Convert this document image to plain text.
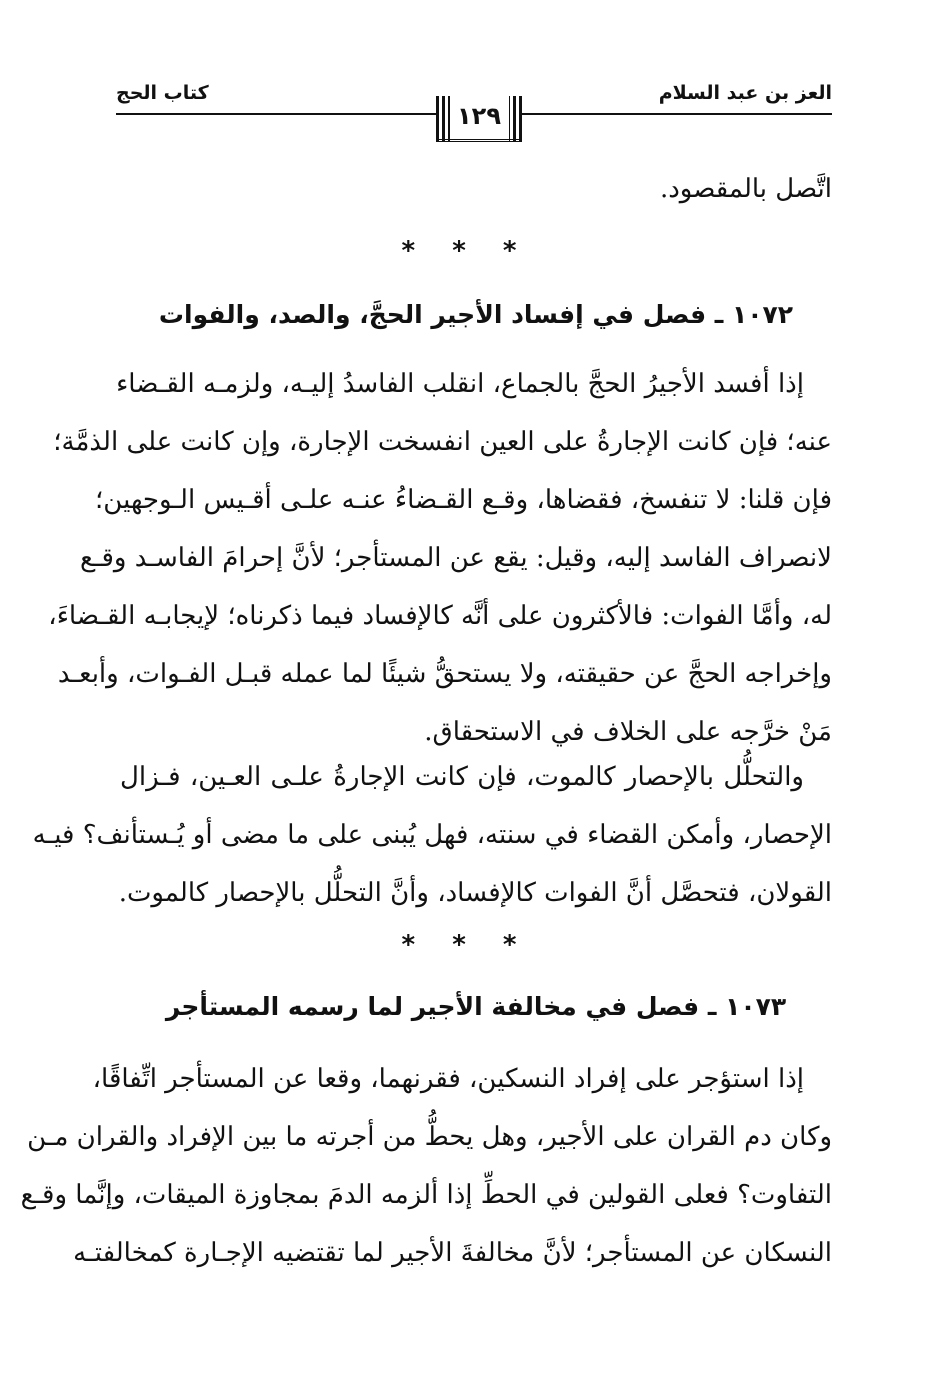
العز بن عبد السلام
كتاب الحج
١٢٩
اتَّصل بالمقصود.
* * *
١٠٧٢ ـ فصل في إفساد الأجير الحجَّ، والصد، والفوات
إذا أفسد الأجيرُ الحجَّ بالجماع، انقلب الفاسدُ إليـه، ولزمـه القـضاء
عنه؛ فإن كانت الإجارةُ على العين انفسخت الإجارة، وإن كانت على الذمَّة؛
فإن قلنا: لا تنفسخ، فقضاها، وقـع القـضاءُ عنـه علـى أقـيس الـوجهين؛
لانصراف الفاسد إليه، وقيل: يقع عن المستأجر؛ لأنَّ إحرامَ الفاسـد وقـع
له، وأمَّا الفوات: فالأكثرون على أنَّه كالإفساد فيما ذكرناه؛ لإيجابـه القـضاءَ،
وإخراجه الحجَّ عن حقيقته، ولا يستحقُّ شيئًا لما عمله قبـل الفـوات، وأبعـد
مَنْ خرَّجه على الخلاف في الاستحقاق.
والتحلُّل بالإحصار كالموت، فإن كانت الإجارةُ علـى العـين، فـزال
الإحصار، وأمكن القضاء في سنته، فهل يُبنى على ما مضى أو يُـستأنف؟ فيـه
القولان، فتحصَّل أنَّ الفوات كالإفساد، وأنَّ التحلُّل بالإحصار كالموت.
* * *
١٠٧٣ ـ فصل في مخالفة الأجير لما رسمه المستأجر
إذا استؤجر على إفراد النسكين، فقرنهما، وقعا عن المستأجر اتِّفاقًا،
وكان دم القران على الأجير، وهل يحطُّ من أجرته ما بين الإفراد والقران مـن
التفاوت؟ فعلى القولين في الحطِّ إذا ألزمه الدمَ بمجاوزة الميقات، وإنَّما وقـع
النسكان عن المستأجر؛ لأنَّ مخالفةَ الأجير لما تقتضيه الإجـارة كمخالفتـه
